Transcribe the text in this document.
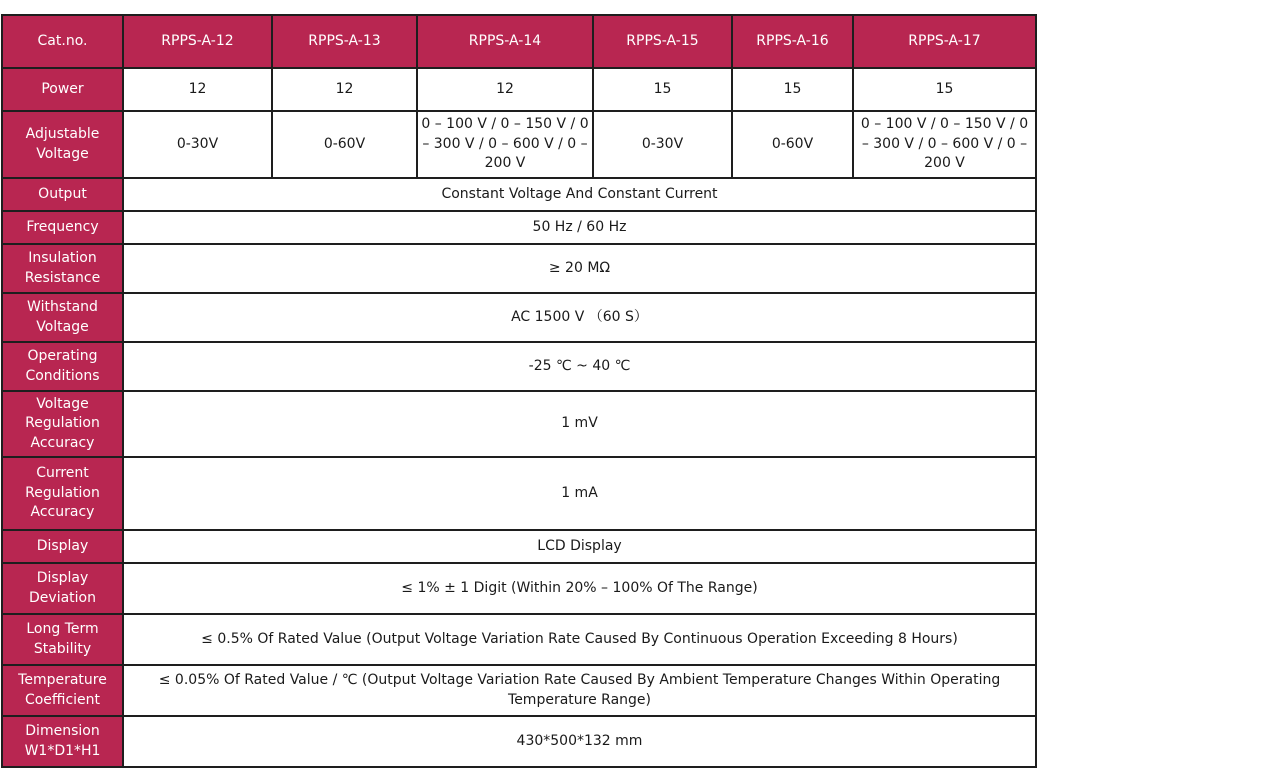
Cat.no.	RPPS-A-12	RPPS-A-13	RPPS-A-14	RPPS-A-15	RPPS-A-16	RPPS-A-17
Power	12	12	12	15	15	15
Adjustable Voltage	0-30V	0-60V	0 – 100 V / 0 – 150 V / 0 – 300 V / 0 – 600 V / 0 – 200 V	0-30V	0-60V	0 – 100 V / 0 – 150 V / 0 – 300 V / 0 – 600 V / 0 – 200 V
Output	Constant Voltage And Constant Current					
Frequency	50 Hz / 60 Hz					
Insulation Resistance	≥ 20 MΩ					
Withstand Voltage	AC 1500 V （60 S）					
Operating Conditions	-25 ℃ ~ 40 ℃					
Voltage Regulation Accuracy	1 mV					
Current Regulation Accuracy	1 mA					
Display	LCD Display					
Display Deviation	≤ 1% ± 1 Digit (Within 20% – 100% Of The Range)					
Long Term Stability	≤ 0.5% Of Rated Value (Output Voltage Variation Rate Caused By Continuous Operation Exceeding 8 Hours)					
Temperature Coefficient	≤ 0.05% Of Rated Value / ℃ (Output Voltage Variation Rate Caused By Ambient Temperature Changes Within Operating Temperature Range)					
Dimension W1*D1*H1	430*500*132 mm					
